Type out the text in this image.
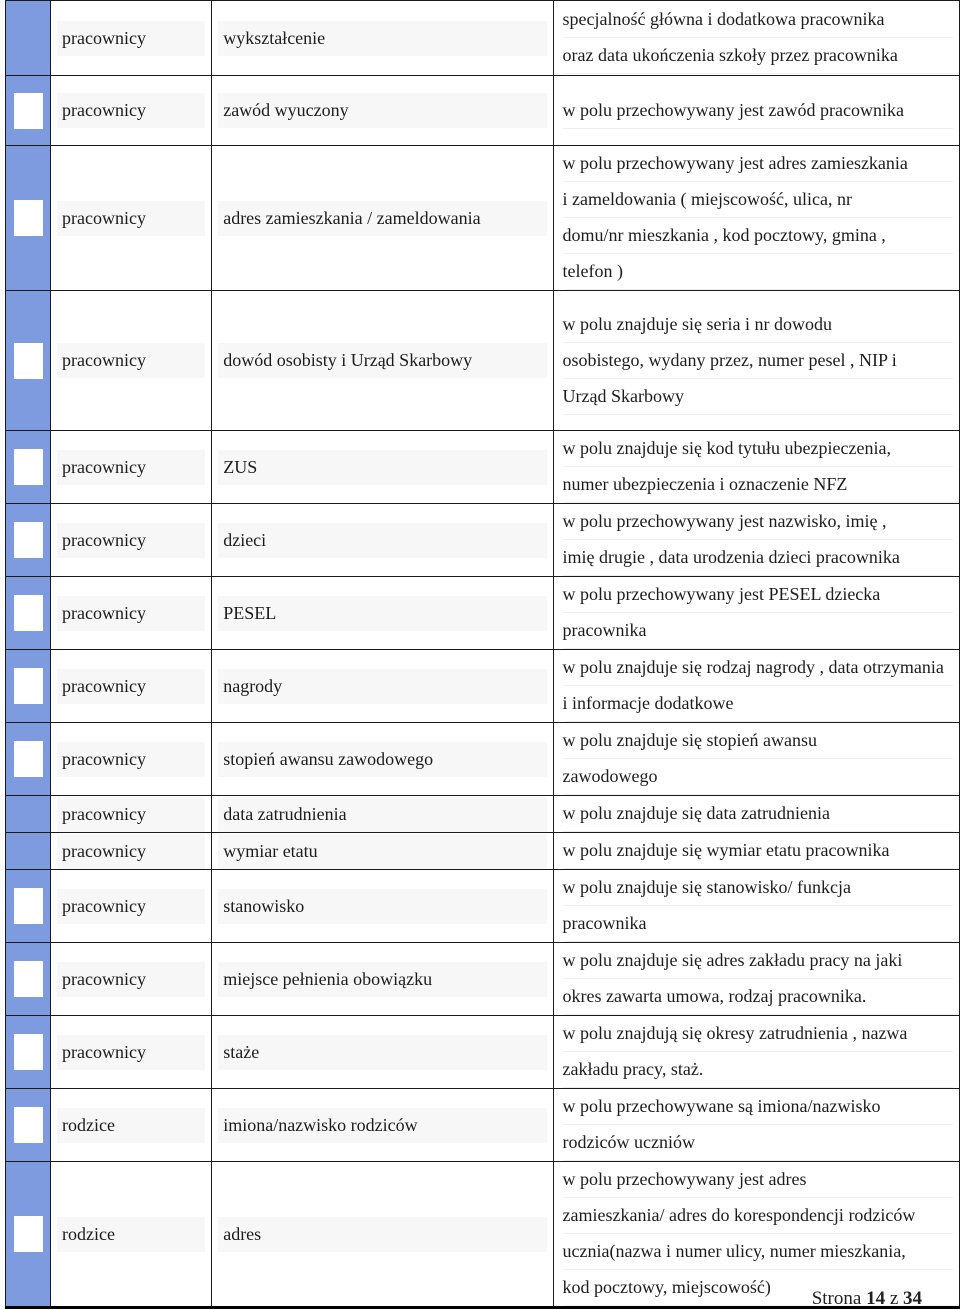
	pracownicy	wykształcenie	specjalność główna i dodatkowa pracownika
oraz data ukończenia szkoły przez pracownika

	pracownicy	zawód wyuczony	w polu przechowywany jest zawód pracownika

	pracownicy	adres zamieszkania / zameldowania	w polu przechowywany jest adres zamieszkania
i zameldowania ( miejscowość, ulica, nr
domu/nr mieszkania , kod pocztowy, gmina ,
telefon )

	pracownicy	dowód osobisty i Urząd Skarbowy	w polu znajduje się seria i nr dowodu
osobistego, wydany przez, numer pesel , NIP i
Urząd Skarbowy

	pracownicy	ZUS	w polu znajduje się kod tytułu ubezpieczenia,
numer ubezpieczenia i oznaczenie NFZ

	pracownicy	dzieci	w polu przechowywany jest nazwisko, imię ,
imię drugie , data urodzenia dzieci pracownika

	pracownicy	PESEL	w polu przechowywany jest PESEL dziecka
pracownika

	pracownicy	nagrody	w polu znajduje się rodzaj nagrody , data otrzymania
i informacje dodatkowe

	pracownicy	stopień awansu zawodowego	w polu znajduje się stopień awansu
zawodowego

	pracownicy	data zatrudnienia	w polu znajduje się data zatrudnienia

	pracownicy	wymiar etatu	w polu znajduje się wymiar etatu pracownika

	pracownicy	stanowisko	w polu znajduje się stanowisko/ funkcja
pracownika

	pracownicy	miejsce pełnienia obowiązku	w polu znajduje się adres zakładu pracy na jaki
okres zawarta umowa, rodzaj pracownika.

	pracownicy	staże	w polu znajdują się okresy zatrudnienia , nazwa
zakładu pracy, staż.

	rodzice	imiona/nazwisko rodziców	w polu przechowywane są imiona/nazwisko
rodziców uczniów

	rodzice	adres	w polu przechowywany jest adres
zamieszkania/ adres do korespondencji rodziców
ucznia(nazwa i numer ulicy, numer mieszkania,
kod pocztowy, miejscowość)
Strona 14 z 34
